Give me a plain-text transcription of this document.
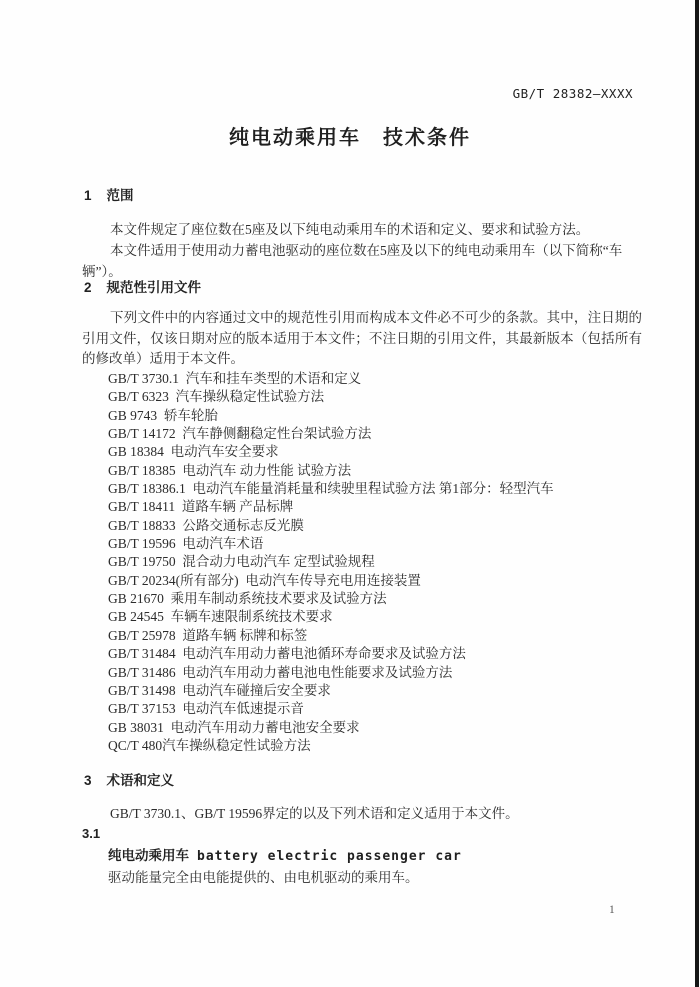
GB/T 28382—XXXX
纯电动乘用车　技术条件
1 范围

本文件规定了座位数在5座及以下纯电动乘用车的术语和定义、要求和试验方法。

本文件适用于使用动力蓄电池驱动的座位数在5座及以下的纯电动乘用车（以下简称“车辆”）。

2 规范性引用文件
下列文件中的内容通过文中的规范性引用而构成本文件必不可少的条款。其中，注日期的引用文件，仅该日期对应的版本适用于本文件；不注日期的引用文件，其最新版本（包括所有的修改单）适用于本文件。
GB/T 3730.1  汽车和挂车类型的术语和定义
GB/T 6323  汽车操纵稳定性试验方法
GB 9743  轿车轮胎
GB/T 14172  汽车静侧翻稳定性台架试验方法
GB 18384  电动汽车安全要求
GB/T 18385  电动汽车 动力性能 试验方法
GB/T 18386.1  电动汽车能量消耗量和续驶里程试验方法 第1部分：轻型汽车
GB/T 18411  道路车辆 产品标牌
GB/T 18833  公路交通标志反光膜
GB/T 19596  电动汽车术语
GB/T 19750  混合动力电动汽车 定型试验规程
GB/T 20234(所有部分)  电动汽车传导充电用连接装置
GB 21670  乘用车制动系统技术要求及试验方法
GB 24545  车辆车速限制系统技术要求
GB/T 25978  道路车辆 标牌和标签
GB/T 31484  电动汽车用动力蓄电池循环寿命要求及试验方法
GB/T 31486  电动汽车用动力蓄电池电性能要求及试验方法
GB/T 31498  电动汽车碰撞后安全要求
GB/T 37153  电动汽车低速提示音
GB 38031  电动汽车用动力蓄电池安全要求
QC/T 480汽车操纵稳定性试验方法
3 术语和定义
GB/T 3730.1、GB/T 19596界定的以及下列术语和定义适用于本文件。
3.1
纯电动乘用车 battery electric passenger car
驱动能量完全由电能提供的、由电机驱动的乘用车。
1
